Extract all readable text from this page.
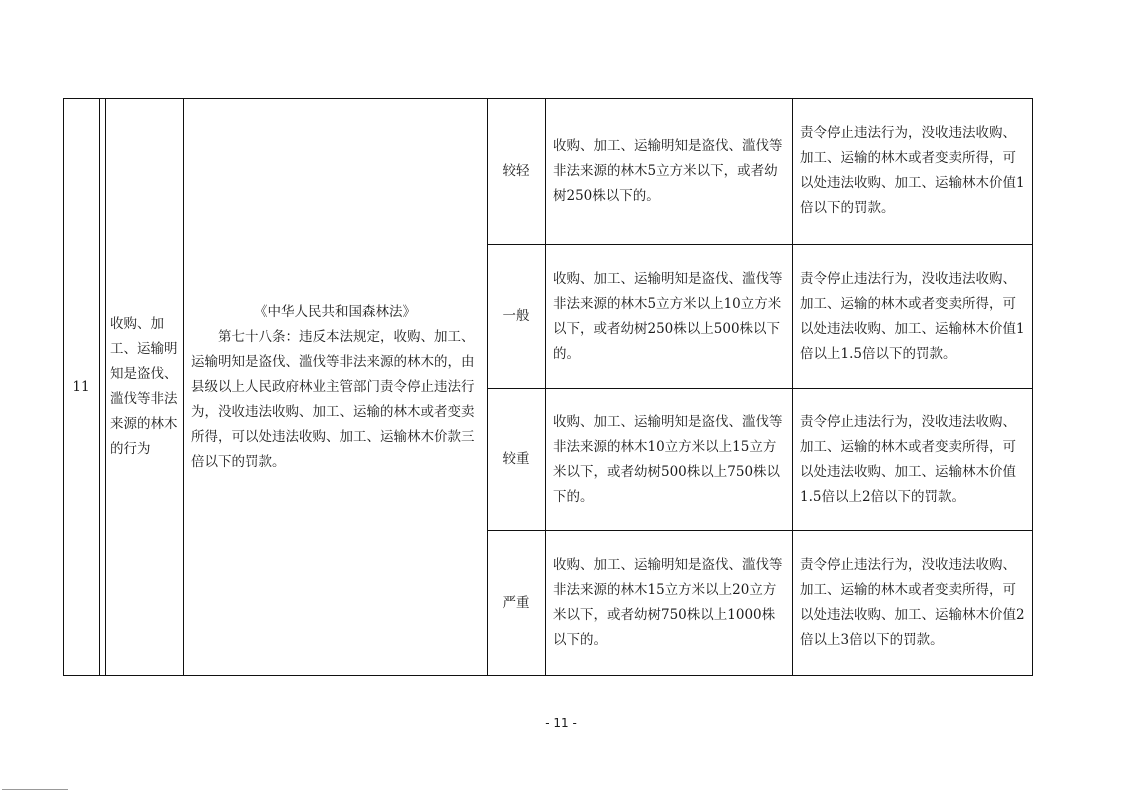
11
收购、加工、运输明知是盗伐、滥伐等非法来源的林木的行为
《中华人民共和国森林法》
第七十八条：违反本法规定，收购、加工、运输明知是盗伐、滥伐等非法来源的林木的，由县级以上人民政府林业主管部门责令停止违法行为，没收违法收购、加工、运输的林木或者变卖所得，可以处违法收购、加工、运输林木价款三倍以下的罚款。
较轻
收购、加工、运输明知是盗伐、滥伐等非法来源的林木5立方米以下，或者幼树250株以下的。
责令停止违法行为，没收违法收购、加工、运输的林木或者变卖所得，可以处违法收购、加工、运输林木价值1倍以下的罚款。
一般
收购、加工、运输明知是盗伐、滥伐等非法来源的林木5立方米以上10立方米以下，或者幼树250株以上500株以下的。
责令停止违法行为，没收违法收购、加工、运输的林木或者变卖所得，可以处违法收购、加工、运输林木价值1倍以上1.5倍以下的罚款。
较重
收购、加工、运输明知是盗伐、滥伐等非法来源的林木10立方米以上15立方米以下，或者幼树500株以上750株以下的。
责令停止违法行为，没收违法收购、加工、运输的林木或者变卖所得，可以处违法收购、加工、运输林木价值1.5倍以上2倍以下的罚款。
严重
收购、加工、运输明知是盗伐、滥伐等非法来源的林木15立方米以上20立方米以下，或者幼树750株以上1000株以下的。
责令停止违法行为，没收违法收购、加工、运输的林木或者变卖所得，可以处违法收购、加工、运输林木价值2倍以上3倍以下的罚款。
- 11 -
